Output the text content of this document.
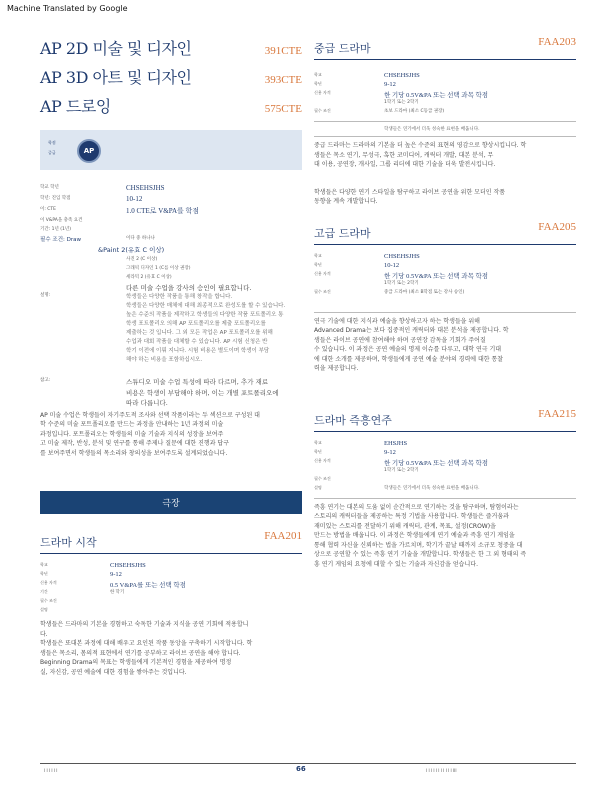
Machine Translated by Google
AP 2D 미술 및 디자인	391CTE
AP 3D 아트 및 디자인	393CTE
AP 드로잉	575CTE
학점
증급	AP
학교 학년	CHSEHSJHS
학년: 진입 학점	10-12
이: CTE	1.0 CTE로 V&PA를 학점
이 V&PA을 충족 요건
기간: 1년 (1년)
필수 조건: Draw	이다 중 하나나
&Paint 2(유효 C 이상)
사진 2 (C 이상)
그래픽 디자인 1 (C를 이상 권장)
세라믹 2 (유효 C 이상)
설명:
다른 미술 수업을 강사의 승인이 필요합니다.
학생들은 다양한 작품을 통해 창작을 합니다.
학생들은 다양한 매체에 대해 최종적으로 완성도를 할 수 있습니다.
높은 수준의 작품을 제작하고 학생들의 다양한 작품 포트폴리오 통
학생 포트폴리오 의해 AP 포트폴리오를 제출 포트폴리오를
제출하는 것 입니다. 그 외 모든 작업은 AP 포트폴리오를 위해
수업과 대회 작품을 대체할 수 있습니다. AP 시험 신청은 반
학기 이전에 이뤄 지니다. 시험 비용은 별도이며 학생이 부담
해야 하는 비용을 포함하십시오.
참고:	스튜디오 미술 수업 특성에 따라 다르며, 추가 재료
비용은 학생이 부담해야 하며, 이는 개별 포트폴리오에
따라 다릅니다.
AP 미술 수업은 학생들이 자기주도적 조사와 선택 작품이라는 두 섹션으로 구성된 대
학 수준의 미술 포트폴리오를 만드는 과정을 안내하는 1년 과정의 미술
과정입니다. 포트폴리오는 학생들의 미술 기술과 지식의 성장을 보여주
고 미술 제작, 반성, 분석 및 연구를 통해 주제나 질문에 대한 진행과 답구
를 보여주면서 학생들의 목소리와 창의성을 보여주도록 설계되었습니다.
극장
드라마 시작	FAA201
학교	CHSEHSJHS
학년	9-12
신용 자격	0.5 V&PA를 또는 선택 학점
기간	한 학기
필수 조건
설명
학생들은 드라마의 기본을 경험하고 숙독한 기술과 지식을 공연 기회에 적용합니
다.
학생들은 또대본 과정에 대해 배우고 요인된 작품 동앙을 구축하기 시작합니다. 학
생들은 목소리, 몸의적 표현에서 연기를 공부하고 라이브 공연을 해야 합니다.
Beginning Drama의 목표는 학생들에게 기본적인 경험을 제공하여 명정
실, 자신감, 공연 예술에 대한 경험을 쌓아주는 것입니다.
중급 드라마	FAA203
학교	CHSEHSJHS
학년	9-12
신용 자격	한 기당 0.5V&PA 또는 선택 과목 학점
1학기 또는 2학기
필수 조건	초보 드라마 (최소 C등급 권장)
학생들은 연기에서 더욱 성숙한 표현을 배웁니다.
중급 드라마는 드라마의 기본을 더 높은 수준의 표현의 영감으로 향상시킵니다. 학
생들은 목소 연기, 무성극, 혹한 코미디어, 캐릭터 개발, 대본 분석, 무
대 이용, 공연장, 개사일, 그룹 리더에 대한 기술을 더욱 발전시킵니다.
학생들은 다양한 연기 스타일을 탐구하고 라이브 공연을 위한 모더인 작품
동향을 계속 개발합니다.
고급 드라마	FAA205
학교	CHSEHSJHS
학년	10-12
신용 자격	한 기당 0.5V&PA 또는 선택 과목 학점
1학기 또는 2학기
필수 조건	중급 드라마 (최소 B학점 또는 강사 승인)
연극 기술에 대한 지식과 예술을 향상하고자 하는 학생들을 위해
Advanced Drama는 보다 집중적인 캐릭터와 대본 분석을 제공합니다. 학
생들은 라이브 공연에 참여해야 하며 공연장 감독을 기회가 주어질
수 있습니다. 이 과정은 공연 예술의 명제 이슈를 다루고, 대학 연극 기대
에 대한 소개를 제공하며, 학생들에게 공연 예술 분야의 경력에 대한 통찰
력을 제공합니다.
드라마 즉흥연주	FAA215
학교	EHSJHS
학년	9-12
신용 자격	한 기당 0.5V&PA 또는 선택 과목 학점
1학기 또는 2학기
필수 조건
설명	학생들은 연기에서 더욱 성숙한 표현을 배웁니다.
즉흥 연기는 대본의 도움 없이 순간적으로 연기하는 것을 탐구하며, 탐험이라는
스토리의 캐릭터들을 제공하는 특정 기법을 사용합니다. 학생들은 즐거움과
재미있는 스토리를 전달하기 위해 캐릭터, 관계, 목표, 설정(CROW)을
만드는 방법을 배웁니다. 이 과정은 학생들에게 연기 예술과 즉흥 연기 게임을
통해 협력 자신을 신뢰하는 법을 가르치며, 학기가 끝날 때까지 소규모 청중을 대
상으로 공연할 수 있는 즉흥 연기 기술을 개발합니다. 학생들은 한 그 외 형태의 즉
흥 연기 게임의 요청에 대할 수 있는 기술과 자신감을 얻습니다.
I I I I I I	66	I I I I I I I I I I I III
